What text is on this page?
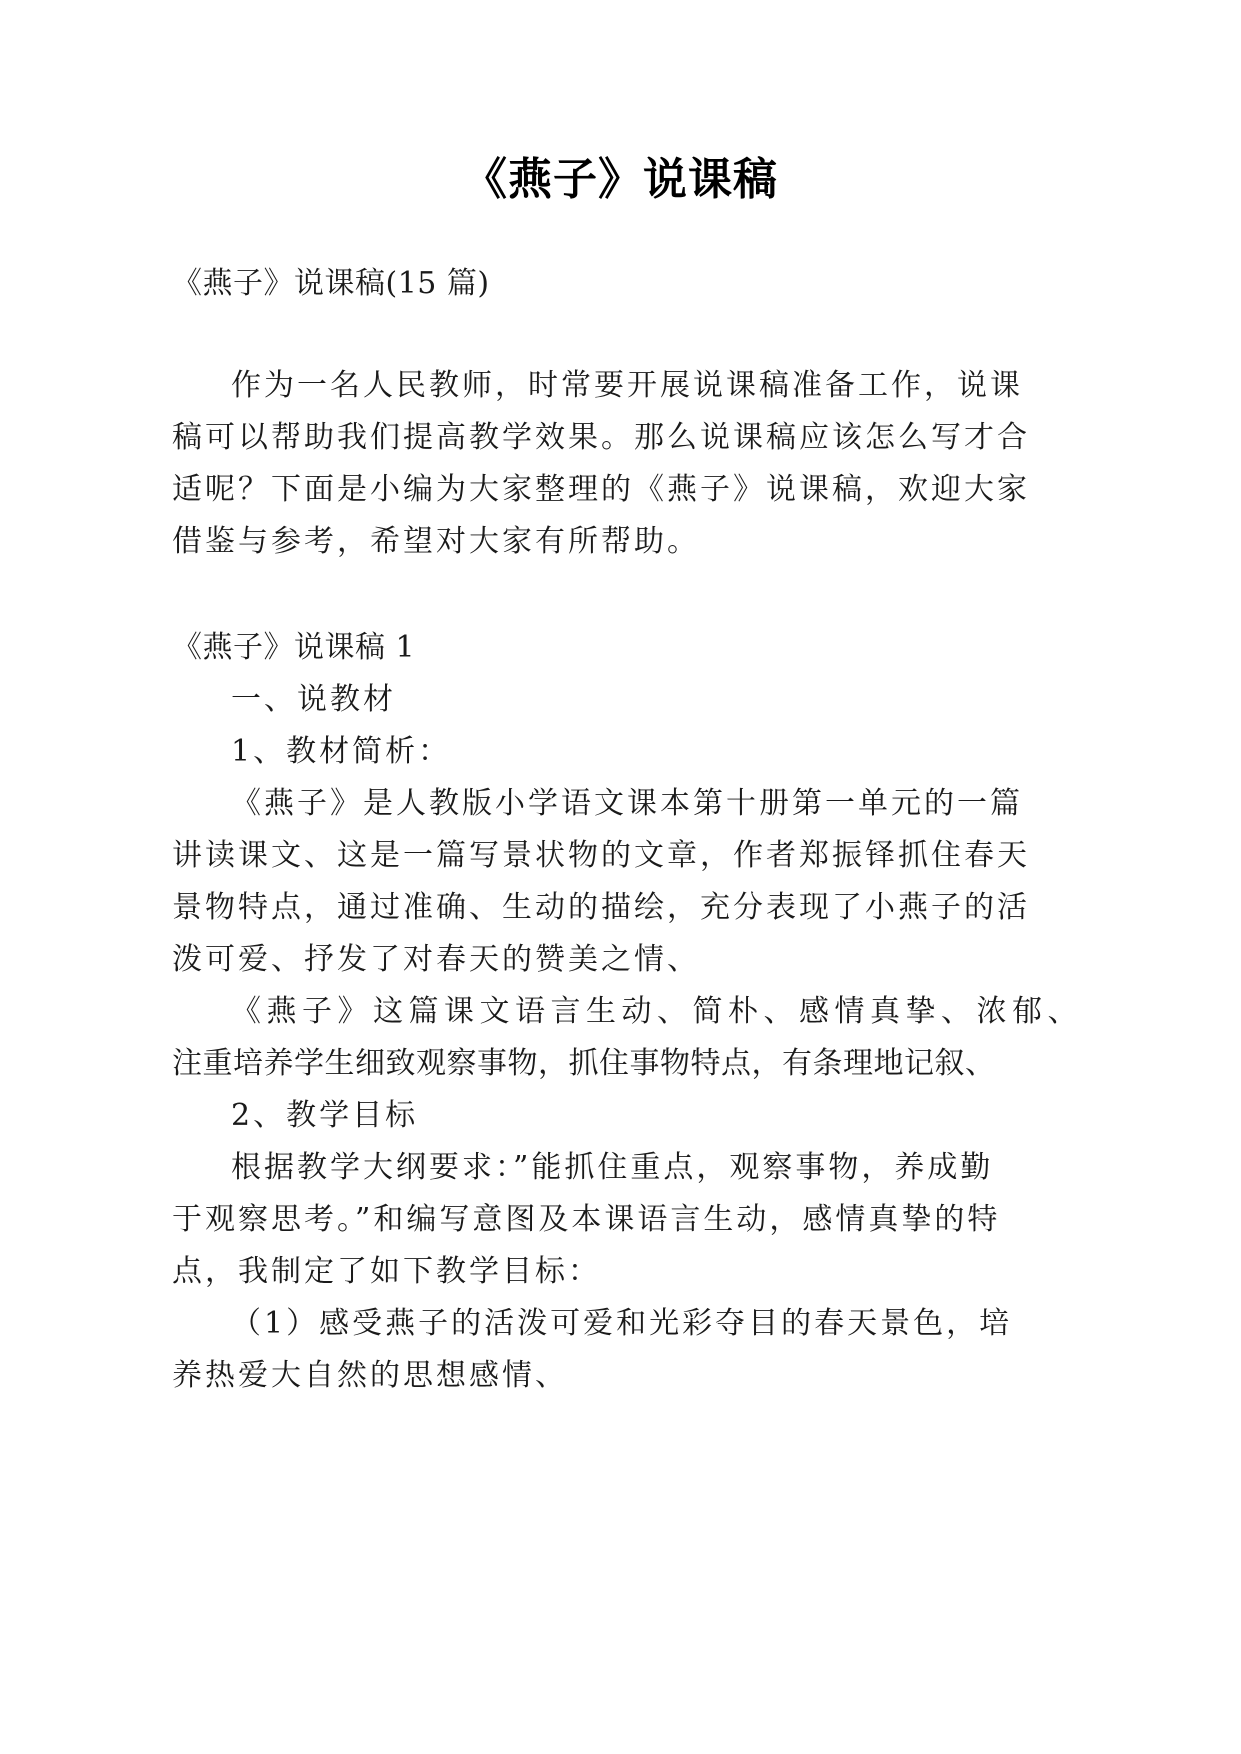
《燕子》说课稿
《燕子》说课稿(15 篇)
作为一名人民教师，时常要开展说课稿准备工作，说课
稿可以帮助我们提高教学效果。那么说课稿应该怎么写才合
适呢？下面是小编为大家整理的《燕子》说课稿，欢迎大家
借鉴与参考，希望对大家有所帮助。
《燕子》说课稿 1
一、说教材
1、教材简析：
《燕子》是人教版小学语文课本第十册第一单元的一篇
讲读课文、这是一篇写景状物的文章，作者郑振铎抓住春天
景物特点，通过准确、生动的描绘，充分表现了小燕子的活
泼可爱、抒发了对春天的赞美之情、
《燕子》这篇课文语言生动、简朴、感情真挚、浓郁、
注重培养学生细致观察事物，抓住事物特点，有条理地记叙、
2、教学目标
根据教学大纲要求：”能抓住重点，观察事物，养成勤
于观察思考。”和编写意图及本课语言生动，感情真挚的特
点，我制定了如下教学目标：
（1）感受燕子的活泼可爱和光彩夺目的春天景色，培
养热爱大自然的思想感情、
